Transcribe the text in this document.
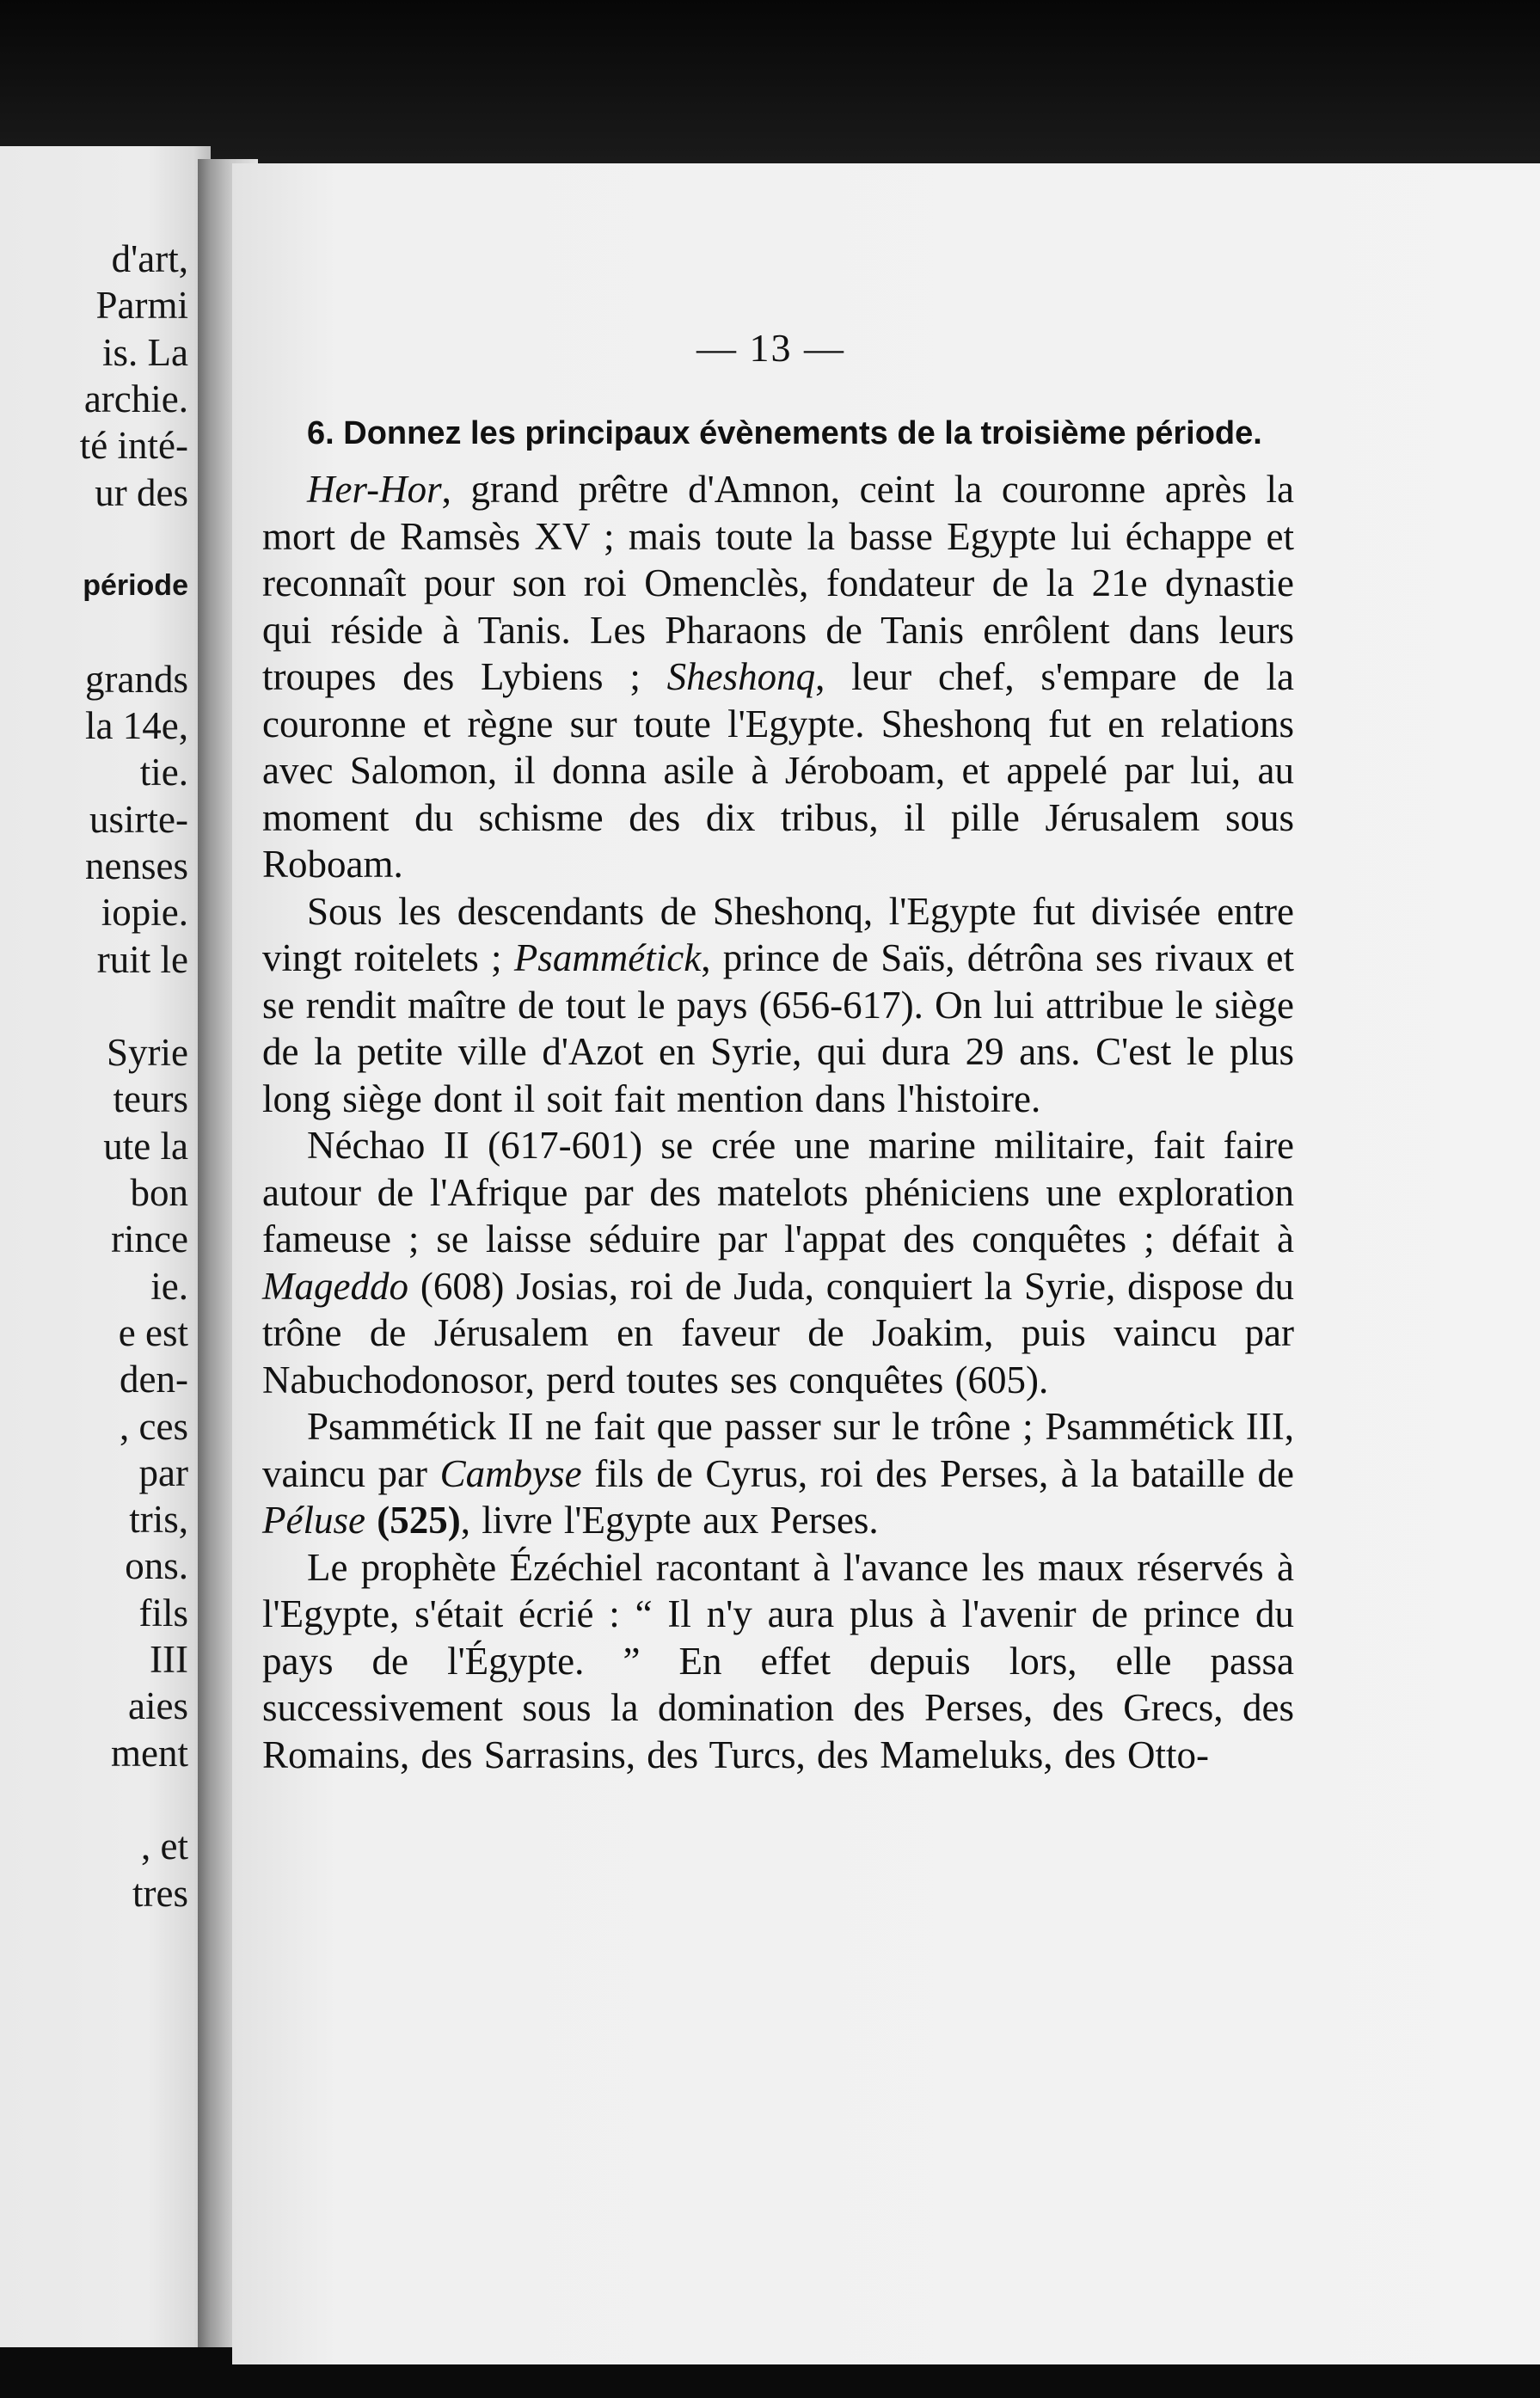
d'art,
Parmi
is. La
archie.
té inté-
ur des
période
grands
la 14e,
tie.
usirte-
nenses
iopie.
ruit le
Syrie
teurs
ute la
bon
rince
ie.
e est
den-
, ces
par
tris,
ons.
fils
III
aies
ment
, et
tres
— 13 —

6. Donnez les principaux évènements de la troisième période.

Her-Hor, grand prêtre d'Amnon, ceint la couronne après la mort de Ramsès XV ; mais toute la basse Egypte lui échappe et reconnaît pour son roi Omenclès, fondateur de la 21e dynastie qui réside à Tanis. Les Pharaons de Tanis enrôlent dans leurs troupes des Lybiens ; Sheshonq, leur chef, s'empare de la couronne et règne sur toute l'Egypte. Sheshonq fut en relations avec Salomon, il donna asile à Jéroboam, et appelé par lui, au moment du schisme des dix tribus, il pille Jérusalem sous Roboam.

Sous les descendants de Sheshonq, l'Egypte fut divisée entre vingt roitelets ; Psammétick, prince de Saïs, détrôna ses rivaux et se rendit maître de tout le pays (656-617). On lui attribue le siège de la petite ville d'Azot en Syrie, qui dura 29 ans. C'est le plus long siège dont il soit fait mention dans l'histoire.

Néchao II (617-601) se crée une marine militaire, fait faire autour de l'Afrique par des matelots phéniciens une exploration fameuse ; se laisse séduire par l'appat des conquêtes ; défait à Mageddo (608) Josias, roi de Juda, conquiert la Syrie, dispose du trône de Jérusalem en faveur de Joakim, puis vaincu par Nabuchodonosor, perd toutes ses conquêtes (605).

Psammétick II ne fait que passer sur le trône ; Psammétick III, vaincu par Cambyse fils de Cyrus, roi des Perses, à la bataille de Péluse (525), livre l'Egypte aux Perses.

Le prophète Ézéchiel racontant à l'avance les maux réservés à l'Egypte, s'était écrié : “ Il n'y aura plus à l'avenir de prince du pays de l'Égypte. ” En effet depuis lors, elle passa successivement sous la domination des Perses, des Grecs, des Romains, des Sarrasins, des Turcs, des Mameluks, des Otto-
